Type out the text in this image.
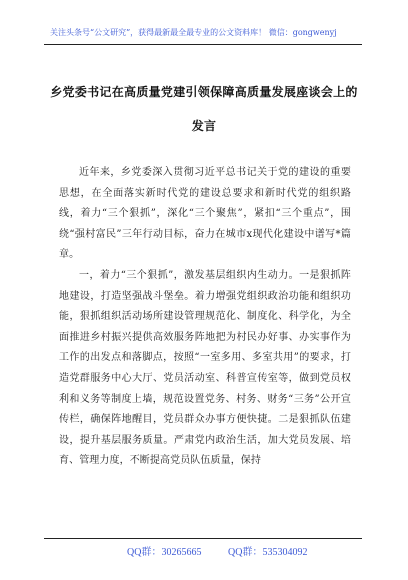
关注头条号“公文研究”，获得最新最全最专业的公文资料库！ 微信：gongwenyj
乡党委书记在高质量党建引领保障高质量发展座谈会上的
发言

近年来，乡党委深入贯彻习近平总书记关于党的建设的重要思想，在全面落实新时代党的建设总要求和新时代党的组织路线，着力“三个狠抓”，深化“三个聚焦”，紧扣“三个重点”，围绕“强村富民”三年行动目标，奋力在城市x现代化建设中谱写*篇章。

一，着力“三个狠抓”，激发基层组织内生动力。一是狠抓阵地建设，打造坚强战斗堡垒。着力增强党组织政治功能和组织功能，狠抓组织活动场所建设管理规范化、制度化、科学化，为全面推进乡村振兴提供高效服务阵地把为村民办好事、办实事作为工作的出发点和落脚点，按照“一室多用、多室共用”的要求，打造党群服务中心大厅、党员活动室、科普宣传室等，做到党员权利和义务等制度上墙，规范设置党务、村务、财务“三务”公开宣传栏，确保阵地醒目，党员群众办事方便快捷。二是狠抓队伍建设，提升基层服务质量。严肃党内政治生活，加大党员发展、培育、管理力度，不断提高党员队伍质量，保持

QQ群：30265665	QQ群：535304092
